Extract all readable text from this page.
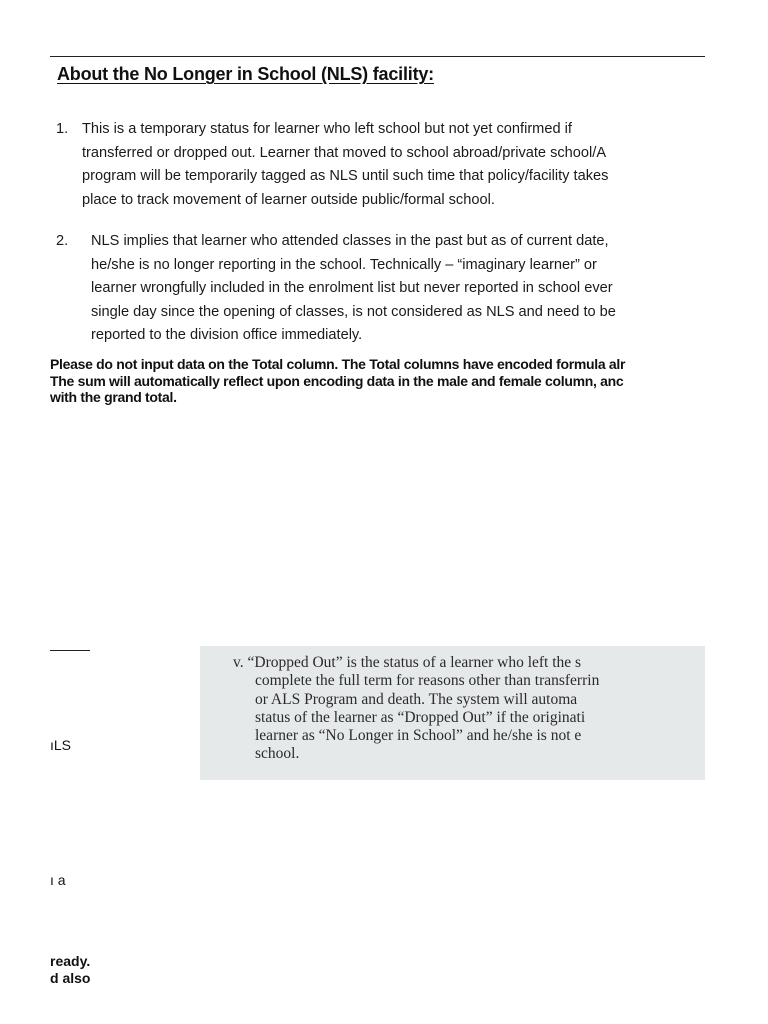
About the No Longer in School (NLS) facility:
1. This is a temporary status for learner who left school but not yet confirmed if
transferred or dropped out. Learner that moved to school abroad/private school/A
program will be temporarily tagged as NLS until such time that policy/facility takes
place to track movement of learner outside public/formal school.
2. NLS implies that learner who attended classes in the past but as of current date,
he/she is no longer reporting in the school. Technically – “imaginary learner” or
learner wrongfully included in the enrolment list but never reported in school ever
single day since the opening of classes, is not considered as NLS and need to be
reported to the division office immediately.
Please do not input data on the Total column. The Total columns have encoded formula alr
The sum will automatically reflect upon encoding data in the male and female column, anc
with the grand total.
ıLS
ı a
ready.
d also
v. “Dropped Out” is the status of a learner who left the s
complete the full term for reasons other than transferrin
or ALS Program and death. The system will automa
status of the learner as “Dropped Out” if the originati
learner as “No Longer in School” and he/she is not e
school.
